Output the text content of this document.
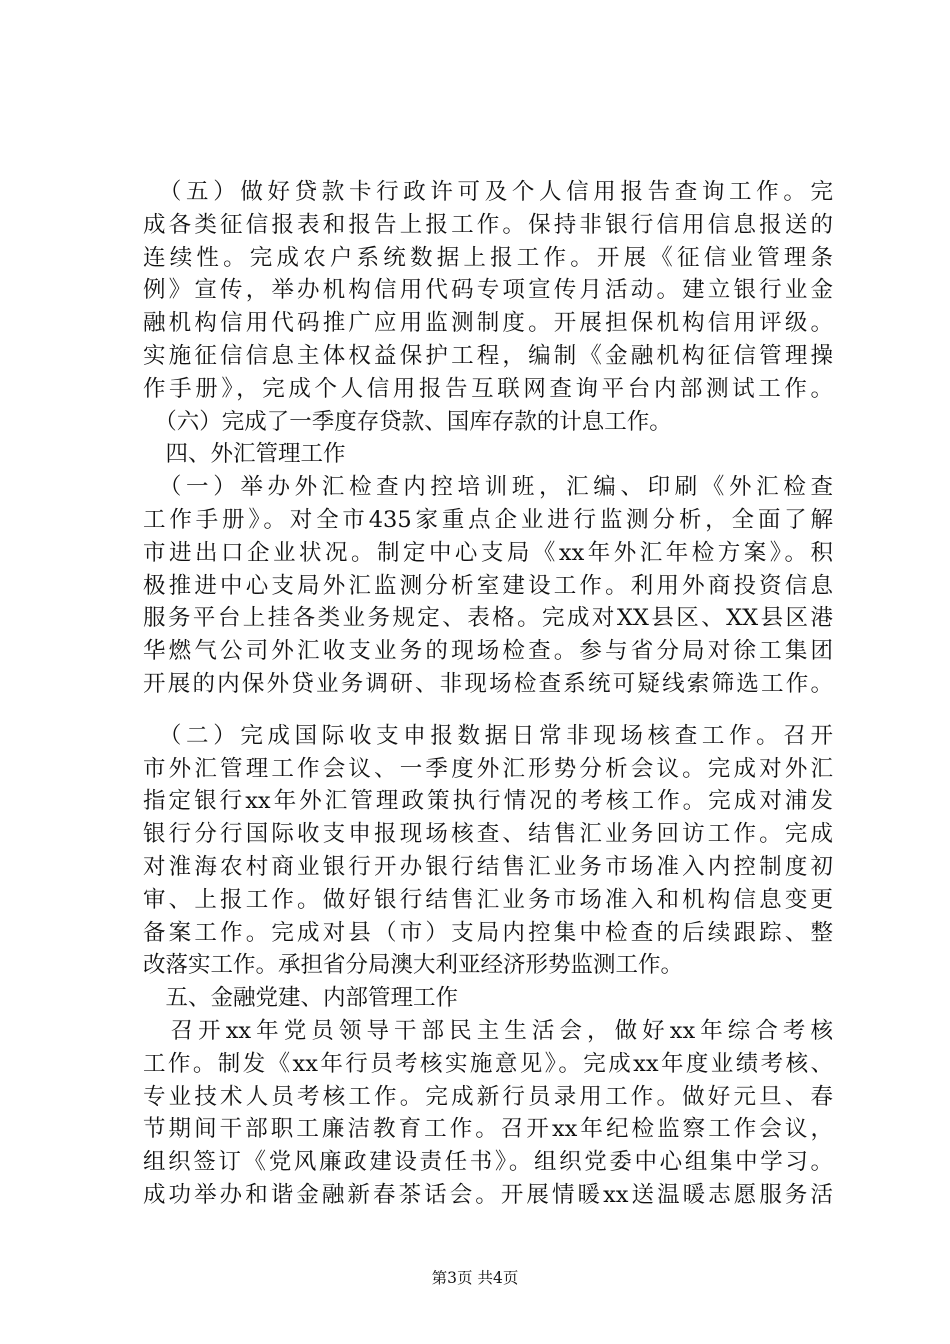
　（五）做好贷款卡行政许可及个人信用报告查询工作。完
成各类征信报表和报告上报工作。保持非银行信用信息报送的
连续性。完成农户系统数据上报工作。开展《征信业管理条
例》宣传，举办机构信用代码专项宣传月活动。建立银行业金
融机构信用代码推广应用监测制度。开展担保机构信用评级。
实施征信信息主体权益保护工程，编制《金融机构征信管理操
作手册》，完成个人信用报告互联网查询平台内部测试工作。
　（六）完成了一季度存贷款、国库存款的计息工作。
　四、外汇管理工作
　（一）举办外汇检查内控培训班，汇编、印刷《外汇检查
工作手册》。对全市435家重点企业进行监测分析，全面了解
市进出口企业状况。制定中心支局《xx年外汇年检方案》。积
极推进中心支局外汇监测分析室建设工作。利用外商投资信息
服务平台上挂各类业务规定、表格。完成对XX县区、XX县区港
华燃气公司外汇收支业务的现场检查。参与省分局对徐工集团
开展的内保外贷业务调研、非现场检查系统可疑线索筛选工作。
　（二）完成国际收支申报数据日常非现场核查工作。召开
市外汇管理工作会议、一季度外汇形势分析会议。完成对外汇
指定银行xx年外汇管理政策执行情况的考核工作。完成对浦发
银行分行国际收支申报现场核查、结售汇业务回访工作。完成
对淮海农村商业银行开办银行结售汇业务市场准入内控制度初
审、上报工作。做好银行结售汇业务市场准入和机构信息变更
备案工作。完成对县（市）支局内控集中检查的后续跟踪、整
改落实工作。承担省分局澳大利亚经济形势监测工作。
　五、金融党建、内部管理工作
　召开xx年党员领导干部民主生活会，做好xx年综合考核
工作。制发《xx年行员考核实施意见》。完成xx年度业绩考核、
专业技术人员考核工作。完成新行员录用工作。做好元旦、春
节期间干部职工廉洁教育工作。召开xx年纪检监察工作会议，
组织签订《党风廉政建设责任书》。组织党委中心组集中学习。
成功举办和谐金融新春茶话会。开展情暖xx送温暖志愿服务活
第3页 共4页
